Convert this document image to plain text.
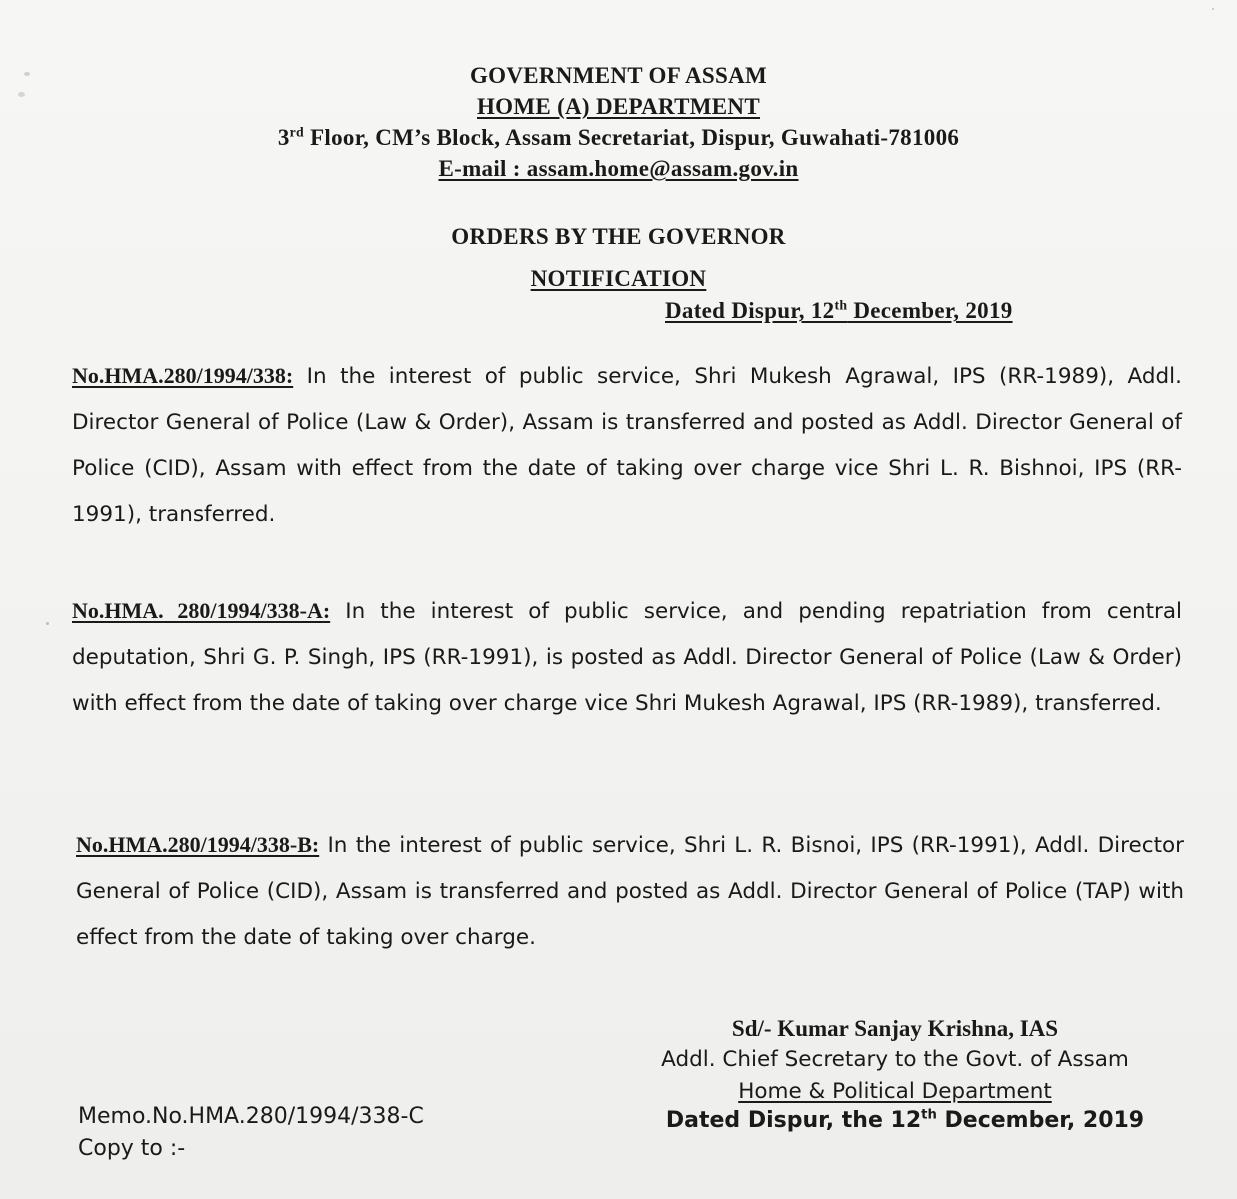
GOVERNMENT OF ASSAM
HOME (A) DEPARTMENT
3rd Floor, CM’s Block, Assam Secretariat, Dispur, Guwahati-781006
E-mail : assam.home@assam.gov.in
ORDERS BY THE GOVERNOR
NOTIFICATION
Dated Dispur, 12th December, 2019
No.HMA.280/1994/338: In the interest of public service, Shri Mukesh Agrawal, IPS (RR-1989), Addl. Director General of Police (Law & Order), Assam is transferred and posted as Addl. Director General of Police (CID), Assam with effect from the date of taking over charge vice Shri L. R. Bishnoi, IPS (RR-1991), transferred.
No.HMA. 280/1994/338-A: In the interest of public service, and pending repatriation from central deputation, Shri G. P. Singh, IPS (RR-1991), is posted as Addl. Director General of Police (Law & Order) with effect from the date of taking over charge vice Shri Mukesh Agrawal, IPS (RR-1989), transferred.
No.HMA.280/1994/338-B: In the interest of public service, Shri L. R. Bisnoi, IPS (RR-1991), Addl. Director General of Police (CID), Assam is transferred and posted as Addl. Director General of Police (TAP) with effect from the date of taking over charge.
Sd/- Kumar Sanjay Krishna, IAS
Addl. Chief Secretary to the Govt. of Assam
Home & Political Department
Dated Dispur, the 12th December, 2019
Memo.No.HMA.280/1994/338-C
Copy to :-
